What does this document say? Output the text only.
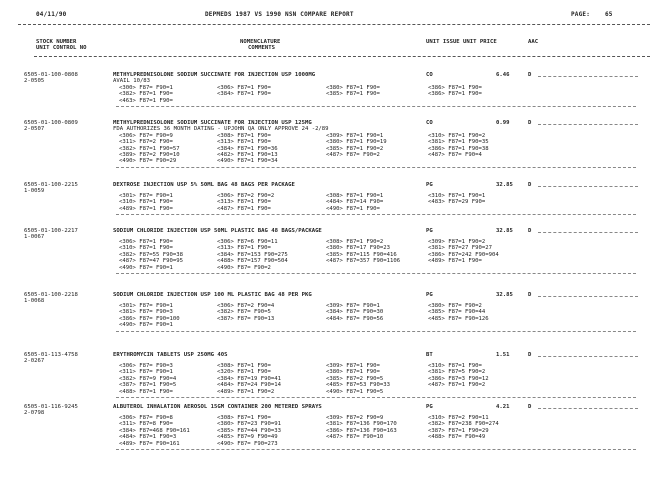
04/11/90	DEPMEDS 1987 VS 1990 NSN COMPARE REPORT	PAGE: 65
STOCK NUMBER
UNIT CONTROL NO
NOMENCLATURE
COMMENTS
UNIT ISSUE UNIT PRICE	AAC
6505-01-100-0808
2-0505
METHYLPREDNISOLONE SODIUM SUCCINATE FOR INJECTION USP 1000MG
AVAIL 10/83
CO	6.46	D
<300> F87= F90=1	<306> F87=1 F90=	<380> F87=1 F90=	<386> F87=1 F90=
<382> F87=1 F90=	<384> F87=1 F90=	<385> F87=1 F90=	<386> F87=1 F90=
<463> F87=1 F90=
6505-01-100-0809
2-0507
METHYLPREDNISOLONE SODIUM SUCCINATE FOR INJECTION USP 125MG
FDA AUTHORIZES 36 MONTH DATING - UPJOHN QA ONLY APPROVE 24 -2/89
CO	0.99	D
<306> F87= F90=9	<308> F87=1 F90=	<309> F87=1 F90=1	<310> F87=1 F90=2
<311> F87=2 F90=	<313> F87=1 F90=	<380> F87=1 F90=19	<381> F87=1 F90=35
<382> F87=1 F90=57	<384> F87=1 F90=36	<385> F87=1 F90=2	<386> F87=1 F90=38
<389> F87=2 F90=10	<482> F87=1 F90=13	<487> F87= F90=2	<487> F87= F90=4
<490> F87= F90=29	<490> F87=1 F90=34
6505-01-100-2215
1-0059
DEXTROSE INJECTION USP 5% 50ML BAG 48 BAGS PER PACKAGE	PG	32.85	D
<301> F87= F90=1	<306> F87=2 F90=2	<308> F87=1 F90=1	<310> F87=1 F90=1
<310> F87=1 F90=	<313> F87=1 F90=	<484> F87=14 F90=	<483> F87=29 F90=
<489> F87=1 F90=	<487> F87=1 F90=	<490> F87=1 F90=
6505-01-100-2217
1-0067
SODIUM CHLORIDE INJECTION USP 50ML PLASTIC BAG 48 BAGS/PACKAGE	PG	32.85	D
<306> F87=1 F90=	<306> F87=6 F90=11	<308> F87=1 F90=2	<309> F87=1 F90=2
<310> F87=1 F90=	<313> F87=1 F90=	<380> F87=17 F90=23	<381> F87=27 F90=27
<382> F87=55 F90=38	<384> F87=153 F90=275	<385> F87=115 F90=416	<386> F87=242 F90=904
<487> F87=47 F90=95	<488> F87=157 F90=504	<487> F87=357 F90=1106	<489> F87=1 F90=
<490> F87= F90=1	<490> F87= F90=2
6505-01-100-2218
1-0068
SODIUM CHLORIDE INJECTION USP 100 ML PLASTIC BAG 48 PER PKG	PG	32.85	D
<301> F87= F90=1	<306> F87=2 F90=4	<309> F87= F90=1	<380> F87= F90=2
<381> F87= F90=3	<382> F87= F90=5	<384> F87= F90=30	<385> F87= F90=44
<386> F87= F90=100	<387> F87= F90=13	<484> F87= F90=56	<485> F87= F90=126
<490> F87= F90=1
6505-01-113-4758
2-0267
ERYTHROMYCIN TABLETS USP 250MG 40S	BT	1.51	D
<306> F87= F90=3	<308> F87=1 F90=	<309> F87=1 F90=	<310> F87=1 F90=
<311> F87= F90=1	<320> F87=1 F90=	<380> F87=1 F90=	<381> F87=5 F90=2
<382> F87=9 F90=4	<384> F87=19 F90=41	<385> F87=2 F90=5	<386> F87=3 F90=12
<387> F87=1 F90=5	<484> F87=24 F90=14	<485> F87=53 F90=33	<487> F87=1 F90=2
<488> F87=1 F90=	<489> F87=1 F90=2	<490> F87=1 F90=5
6505-01-116-9245
2-0798
ALBUTEROL INHALATION AEROSOL 15GM CONTAINER 200 METERED SPRAYS	PG	4.21	D
<306> F87= F90=8	<308> F87=1 F90=	<309> F87=2 F90=9	<310> F87=2 F90=11
<311> F87=8 F90=	<380> F87=23 F90=91	<381> F87=136 F90=170	<382> F87=238 F90=274
<384> F87=468 F90=161	<385> F87=44 F90=33	<386> F87=136 F90=163	<387> F87=1 F90=29
<484> F87=1 F90=3	<485> F87=9 F90=49	<487> F87= F90=10	<488> F87= F90=49
<489> F87= F90=161	<490> F87= F90=273
